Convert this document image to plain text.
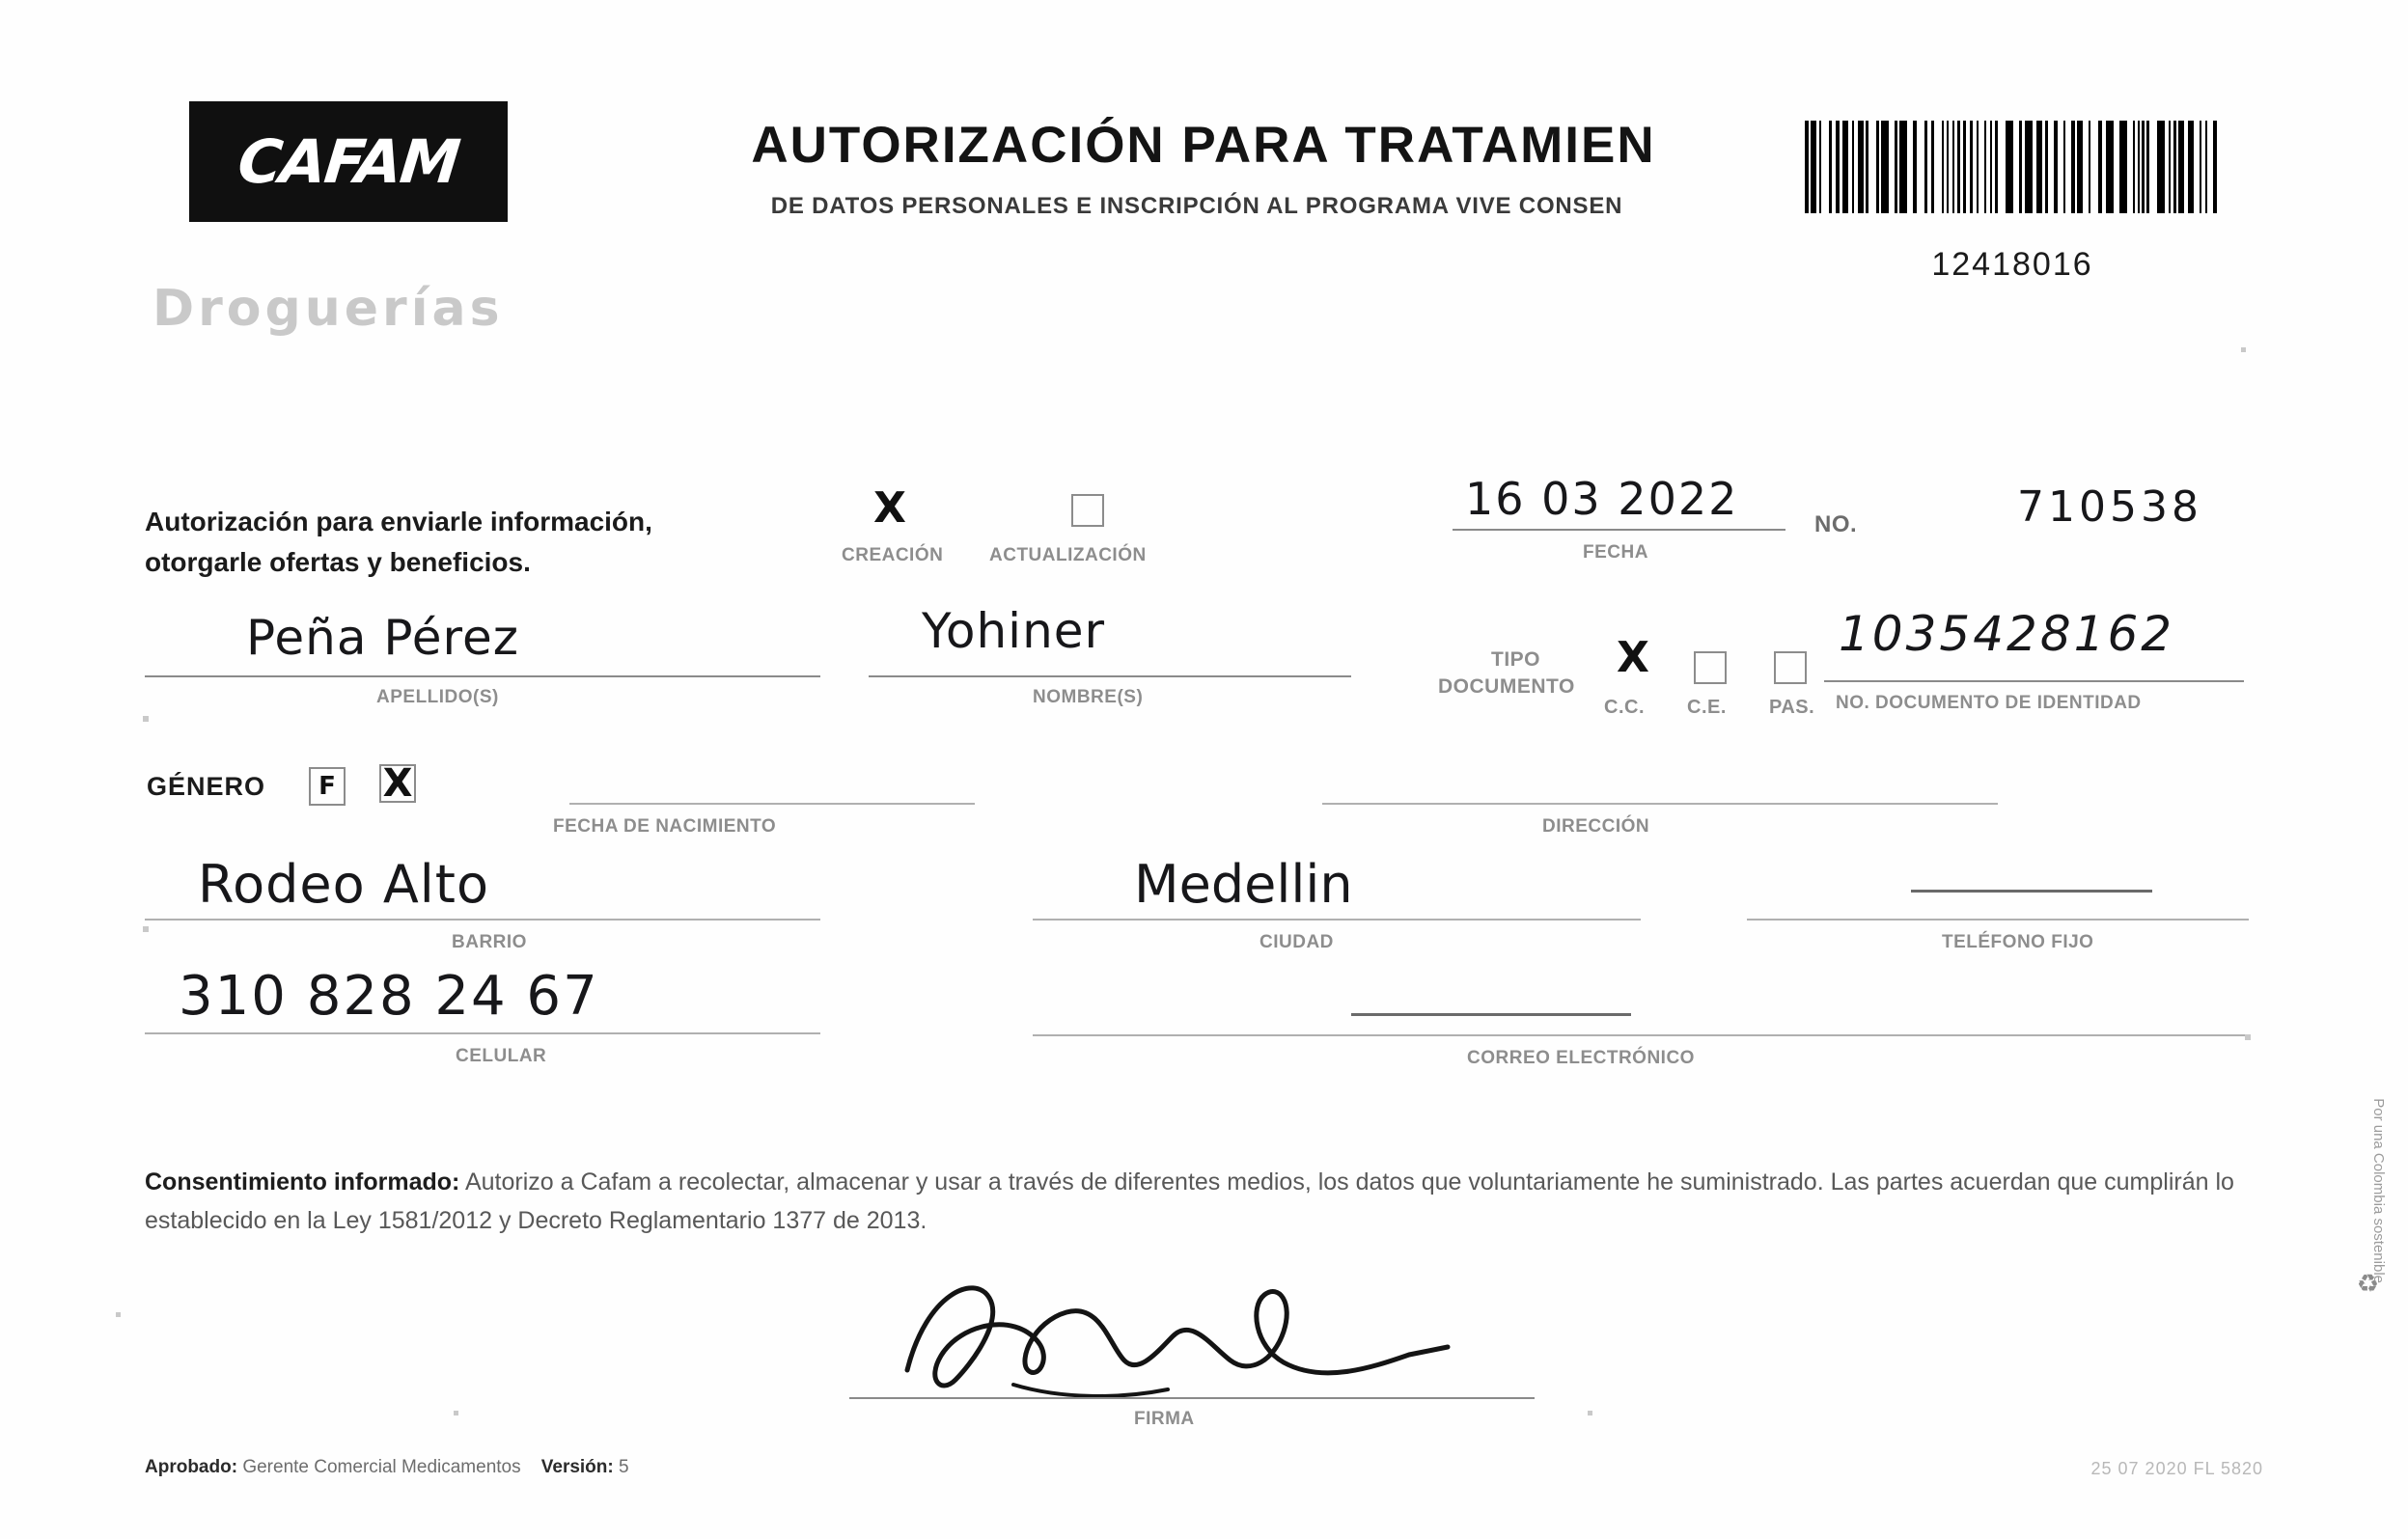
CAFAM
Droguerías
AUTORIZACIÓN PARA TRATAMIEN
DE DATOS PERSONALES E INSCRIPCIÓN AL PROGRAMA VIVE CONSEN
12418016
Autorización para enviarle información,
otorgarle ofertas y beneficios.
X
CREACIÓN	ACTUALIZACIÓN
16 03 2022
FECHA
NO.	710538
Peña Pérez
APELLIDO(S)
Yohiner
NOMBRE(S)
TIPO
DOCUMENTO
X
C.C. C.E. PAS.
1035428162
NO. DOCUMENTO DE IDENTIDAD
GÉNERO F X
FECHA DE NACIMIENTO	DIRECCIÓN
Rodeo Alto
BARRIO
Medellin
CIUDAD	TELÉFONO FIJO
310 828 24 67
CELULAR	CORREO ELECTRÓNICO
Consentimiento informado: Autorizo a Cafam a recolectar, almacenar y usar a través de diferentes medios, los datos que voluntariamente he suministrado. Las partes acuerdan que cumplirán lo establecido en la Ley 1581/2012 y Decreto Reglamentario 1377 de 2013.
FIRMA
Aprobado: Gerente Comercial Medicamentos Versión: 5	25 07 2020 FL 5820
♻
Por una Colombia sostenible
